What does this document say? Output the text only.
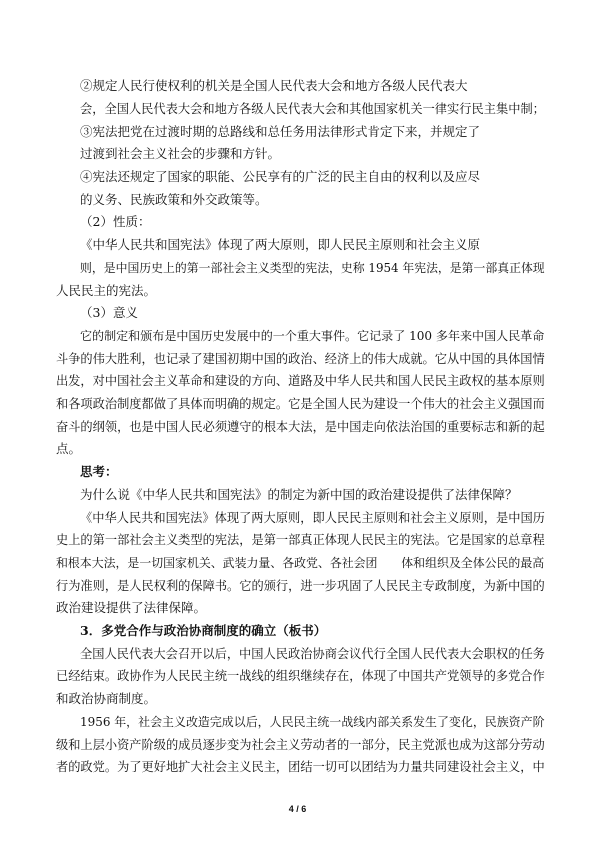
②规定人民行使权利的机关是全国人民代表大会和地方各级人民代表大
会，全国人民代表大会和地方各级人民代表大会和其他国家机关一律实行民主集中制；
③宪法把党在过渡时期的总路线和总任务用法律形式肯定下来，并规定了
过渡到社会主义社会的步骤和方针。
④宪法还规定了国家的职能、公民享有的广泛的民主自由的权利以及应尽
的义务、民族政策和外交政策等。
（2）性质：
《中华人民共和国宪法》体现了两大原则，即人民民主原则和社会主义原
则，是中国历史上的第一部社会主义类型的宪法，史称 1954 年宪法，是第一部真正体现
人民民主的宪法。
（3）意义
它的制定和颁布是中国历史发展中的一个重大事件。它记录了 100 多年来中国人民革命
斗争的伟大胜利，也记录了建国初期中国的政治、经济上的伟大成就。它从中国的具体国情
出发，对中国社会主义革命和建设的方向、道路及中华人民共和国人民民主政权的基本原则
和各项政治制度都做了具体而明确的规定。它是全国人民为建设一个伟大的社会主义强国而
奋斗的纲领，也是中国人民必须遵守的根本大法，是中国走向依法治国的重要标志和新的起
点。
思考：
为什么说《中华人民共和国宪法》的制定为新中国的政治建设提供了法律保障？
《中华人民共和国宪法》体现了两大原则，即人民民主原则和社会主义原则，是中国历
史上的第一部社会主义类型的宪法，是第一部真正体现人民民主的宪法。它是国家的总章程
和根本大法，是一切国家机关、武装力量、各政党、各社会团　　体和组织及全体公民的最高
行为准则，是人民权利的保障书。它的颁行，进一步巩固了人民民主专政制度，为新中国的
政治建设提供了法律保障。
3．多党合作与政治协商制度的确立（板书）
全国人民代表大会召开以后，中国人民政治协商会议代行全国人民代表大会职权的任务
已经结束。政协作为人民民主统一战线的组织继续存在，体现了中国共产党领导的多党合作
和政治协商制度。
1956 年，社会主义改造完成以后，人民民主统一战线内部关系发生了变化，民族资产阶
级和上层小资产阶级的成员逐步变为社会主义劳动者的一部分，民主党派也成为这部分劳动
者的政党。为了更好地扩大社会主义民主，团结一切可以团结为力量共同建设社会主义，中
4 / 6
